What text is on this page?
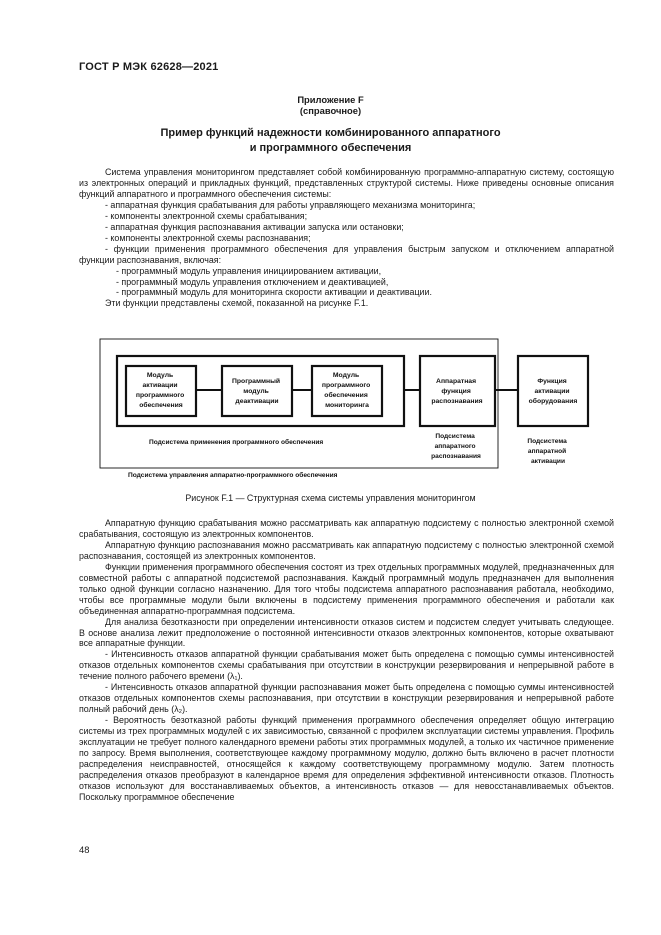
ГОСТ Р МЭК 62628—2021
Приложение F
(справочное)
Пример функций надежности комбинированного аппаратного
и программного обеспечения

Система управления мониторингом представляет собой комбинированную программно-аппаратную систему, состоящую из электронных операций и прикладных функций, представленных структурой системы. Ниже приведены основные описания функций аппаратного и программного обеспечения системы:

- аппаратная функция срабатывания для работы управляющего механизма мониторинга;

- компоненты электронной схемы срабатывания;

- аппаратная функция распознавания активации запуска или остановки;

- компоненты электронной схемы распознавания;

- функции применения программного обеспечения для управления быстрым запуском и отключением аппаратной функции распознавания, включая:

- программный модуль управления инициированием активации,

- программный модуль управления отключением и деактивацией,

- программный модуль для мониторинга скорости активации и деактивации.

Эти функции представлены схемой, показанной на рисунке F.1.

Модуль активации программного обеспечения
Программный модуль деактивации
Модуль программного обеспечения мониторинга
Аппаратная функция распознавания
Функция активации оборудования
Подсистема применения программного обеспечения
Подсистема аппаратного распознавания
Подсистема аппаратной активации
Подсистема управления аппаратно-программного обеспечения
Рисунок F.1 — Структурная схема системы управления мониторингом

Аппаратную функцию срабатывания можно рассматривать как аппаратную подсистему с полностью электронной схемой срабатывания, состоящую из электронных компонентов.

Аппаратную функцию распознавания можно рассматривать как аппаратную подсистему с полностью электронной схемой распознавания, состоящей из электронных компонентов.

Функции применения программного обеспечения состоят из трех отдельных программных модулей, предназначенных для совместной работы с аппаратной подсистемой распознавания. Каждый программный модуль предназначен для выполнения только одной функции согласно назначению. Для того чтобы подсистема аппаратного распознавания работала, необходимо, чтобы все программные модули были включены в подсистему применения программного обеспечения и работали как объединенная аппаратно-программная подсистема.

Для анализа безотказности при определении интенсивности отказов систем и подсистем следует учитывать следующее. В основе анализа лежит предположение о постоянной интенсивности отказов электронных компонентов, которые охватывают все аппаратные функции.

- Интенсивность отказов аппаратной функции срабатывания может быть определена с помощью суммы интенсивностей отказов отдельных компонентов схемы срабатывания при отсутствии в конструкции резервирования и непрерывной работе в течение полного рабочего времени (λ₁).

- Интенсивность отказов аппаратной функции распознавания может быть определена с помощью суммы интенсивностей отказов отдельных компонентов схемы распознавания, при отсутствии в конструкции резервирования и непрерывной работе полный рабочий день (λ₂).

- Вероятность безотказной работы функций применения программного обеспечения определяет общую интеграцию системы из трех программных модулей с их зависимостью, связанной с профилем эксплуатации системы управления. Профиль эксплуатации не требует полного календарного времени работы этих программных модулей, а только их частичное применение по запросу. Время выполнения, соответствующее каждому программному модулю, должно быть включено в расчет плотности распределения неисправностей, относящейся к каждому соответствующему программному модулю. Затем плотность распределения отказов преобразуют в календарное время для определения эффективной интенсивности отказов. Плотность отказов используют для восстанавливаемых объектов, а интенсивность отказов — для невосстанавливаемых объектов. Поскольку программное обеспечение

48
